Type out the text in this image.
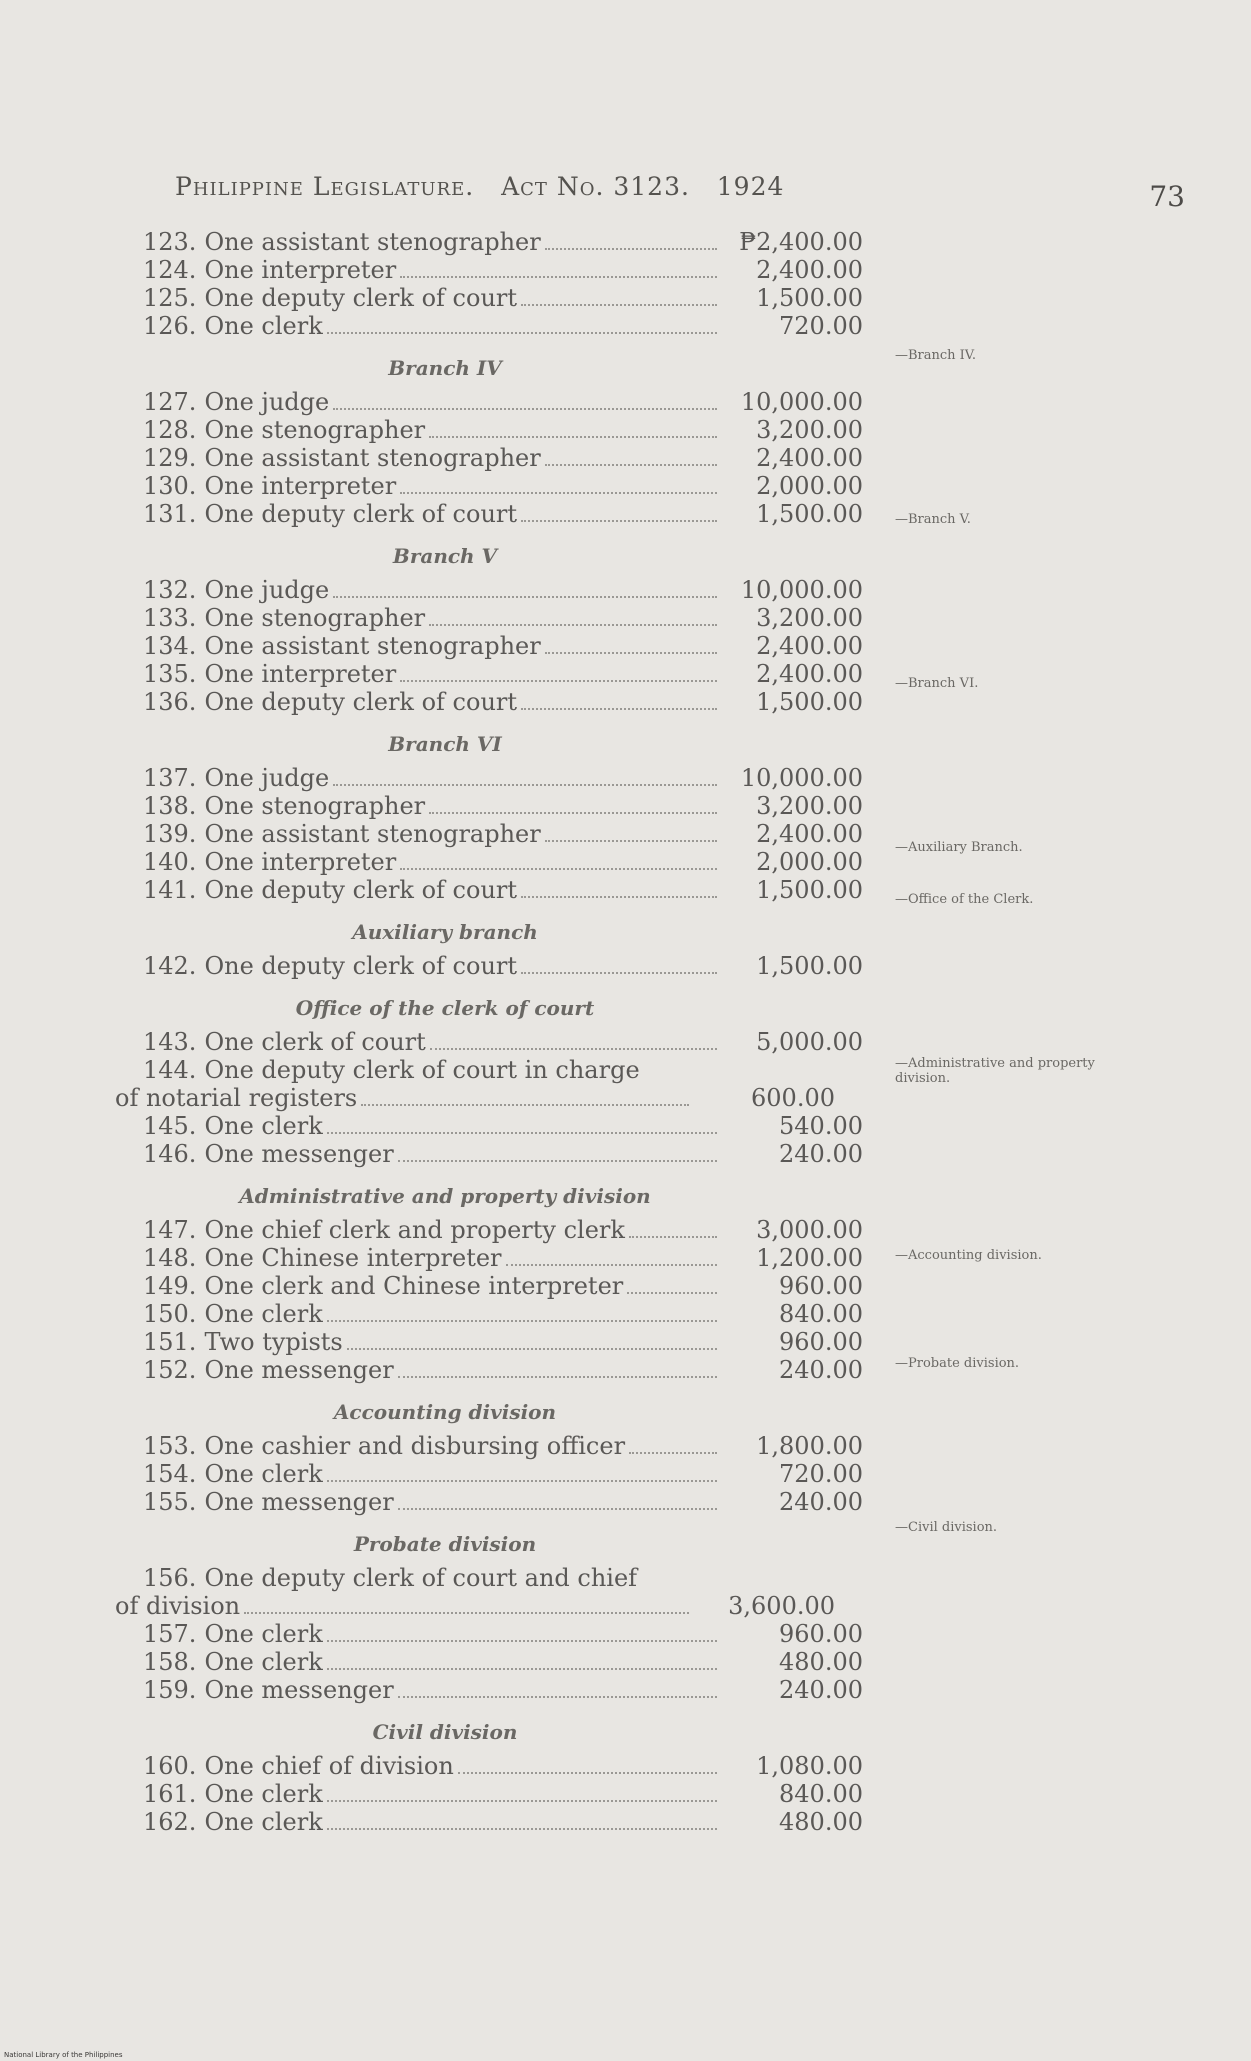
Philippine Legislature. Act No. 3123. 1924	73
123. One assistant stenographer	₱2,400.00
124. One interpreter	2,400.00
125. One deputy clerk of court	1,500.00
126. One clerk	720.00
Branch IV
127. One judge	10,000.00
128. One stenographer	3,200.00
129. One assistant stenographer	2,400.00
130. One interpreter	2,000.00
131. One deputy clerk of court	1,500.00
Branch V
132. One judge	10,000.00
133. One stenographer	3,200.00
134. One assistant stenographer	2,400.00
135. One interpreter	2,400.00
136. One deputy clerk of court	1,500.00
Branch VI
137. One judge	10,000.00
138. One stenographer	3,200.00
139. One assistant stenographer	2,400.00
140. One interpreter	2,000.00
141. One deputy clerk of court	1,500.00
Auxiliary branch
142. One deputy clerk of court	1,500.00
Office of the clerk of court
143. One clerk of court	5,000.00
144. One deputy clerk of court in charge
of notarial registers	600.00
145. One clerk	540.00
146. One messenger	240.00
Administrative and property division
147. One chief clerk and property clerk	3,000.00
148. One Chinese interpreter	1,200.00
149. One clerk and Chinese interpreter	960.00
150. One clerk	840.00
151. Two typists	960.00
152. One messenger	240.00
Accounting division
153. One cashier and disbursing officer	1,800.00
154. One clerk	720.00
155. One messenger	240.00
Probate division
156. One deputy clerk of court and chief
of division	3,600.00
157. One clerk	960.00
158. One clerk	480.00
159. One messenger	240.00
Civil division
160. One chief of division	1,080.00
161. One clerk	840.00
162. One clerk	480.00
—Branch IV.
—Branch V.
—Branch VI.
—Auxiliary Branch.
—Office of the Clerk.
—Administrative and property division.
—Accounting division.
—Probate division.
—Civil division.
National Library of the Philippines
